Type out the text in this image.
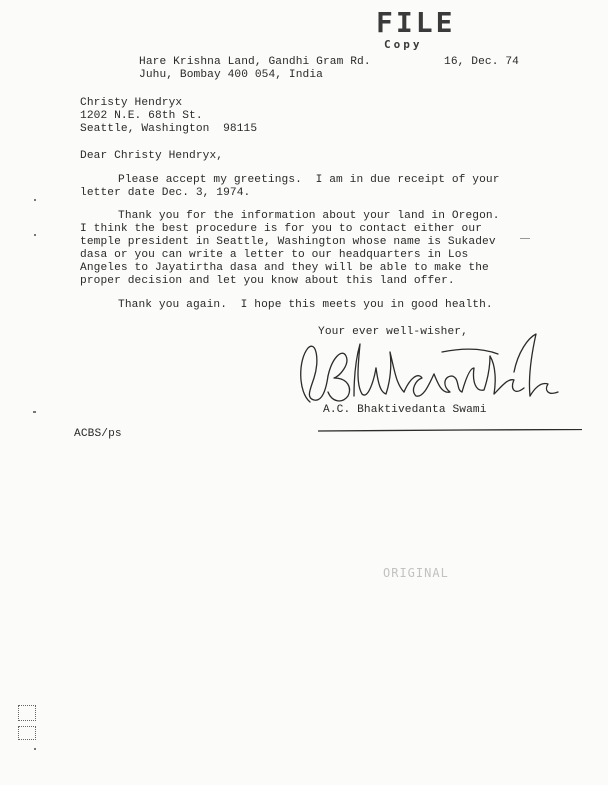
FILE
Copy
Hare Krishna Land, Gandhi Gram Rd.
Juhu, Bombay 400 054, India
16, Dec. 74
Christy Hendryx
1202 N.E. 68th St.
Seattle, Washington  98115
Dear Christy Hendryx,
Please accept my greetings.  I am in due receipt of your
letter date Dec. 3, 1974.
Thank you for the information about your land in Oregon.
I think the best procedure is for you to contact either our
temple president in Seattle, Washington whose name is Sukadev
dasa or you can write a letter to our headquarters in Los
Angeles to Jayatirtha dasa and they will be able to make the
proper decision and let you know about this land offer.
Thank you again.  I hope this meets you in good health.
Your ever well-wisher,
A.C. Bhaktivedanta Swami
ACBS/ps
ORIGINAL
